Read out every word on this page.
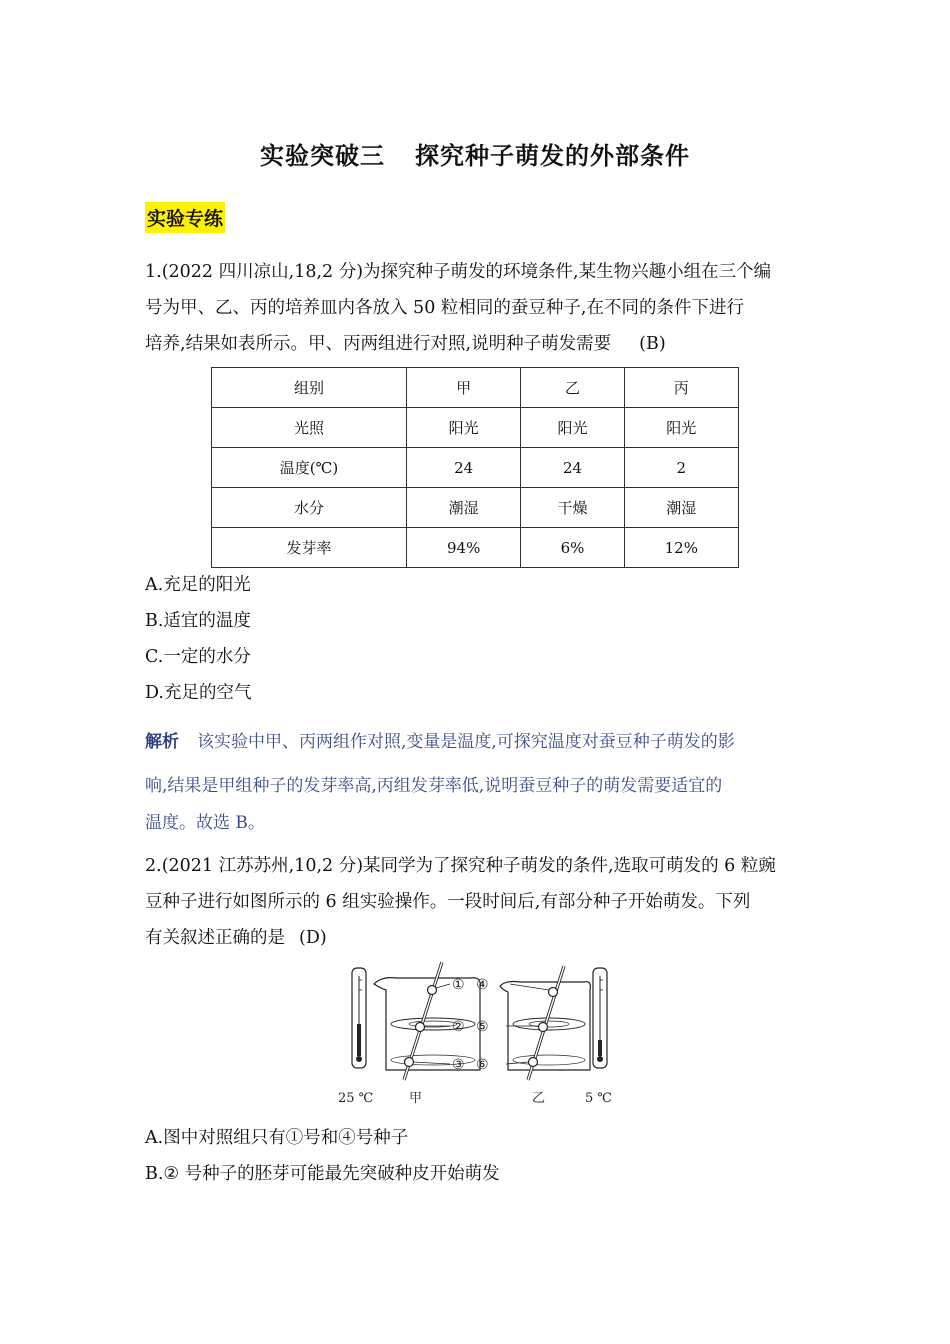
实验突破三 探究种子萌发的外部条件
实验专练
1.(2022 四川凉山,18,2 分)为探究种子萌发的环境条件,某生物兴趣小组在三个编
号为甲、乙、丙的培养皿内各放入 50 粒相同的蚕豆种子,在不同的条件下进行
培养,结果如表所示。甲、丙两组进行对照,说明种子萌发需要 (B)
组别	甲	乙	丙
光照	阳光	阳光	阳光
温度(℃)	24	24	2
水分	潮湿	干燥	潮湿
发芽率	94%	6%	12%
A.充足的阳光
B.适宜的温度
C.一定的水分
D.充足的空气
解析 该实验中甲、丙两组作对照,变量是温度,可探究温度对蚕豆种子萌发的影
响,结果是甲组种子的发芽率高,丙组发芽率低,说明蚕豆种子的萌发需要适宜的
温度。故选 B。
2.(2021 江苏苏州,10,2 分)某同学为了探究种子萌发的条件,选取可萌发的 6 粒豌
豆种子进行如图所示的 6 组实验操作。一段时间后,有部分种子开始萌发。下列
有关叙述正确的是 (D)
① ④
② ⑤
③ ⑥
25 ℃	甲	乙	5 ℃
A.图中对照组只有①号和④号种子
B.② 号种子的胚芽可能最先突破种皮开始萌发
